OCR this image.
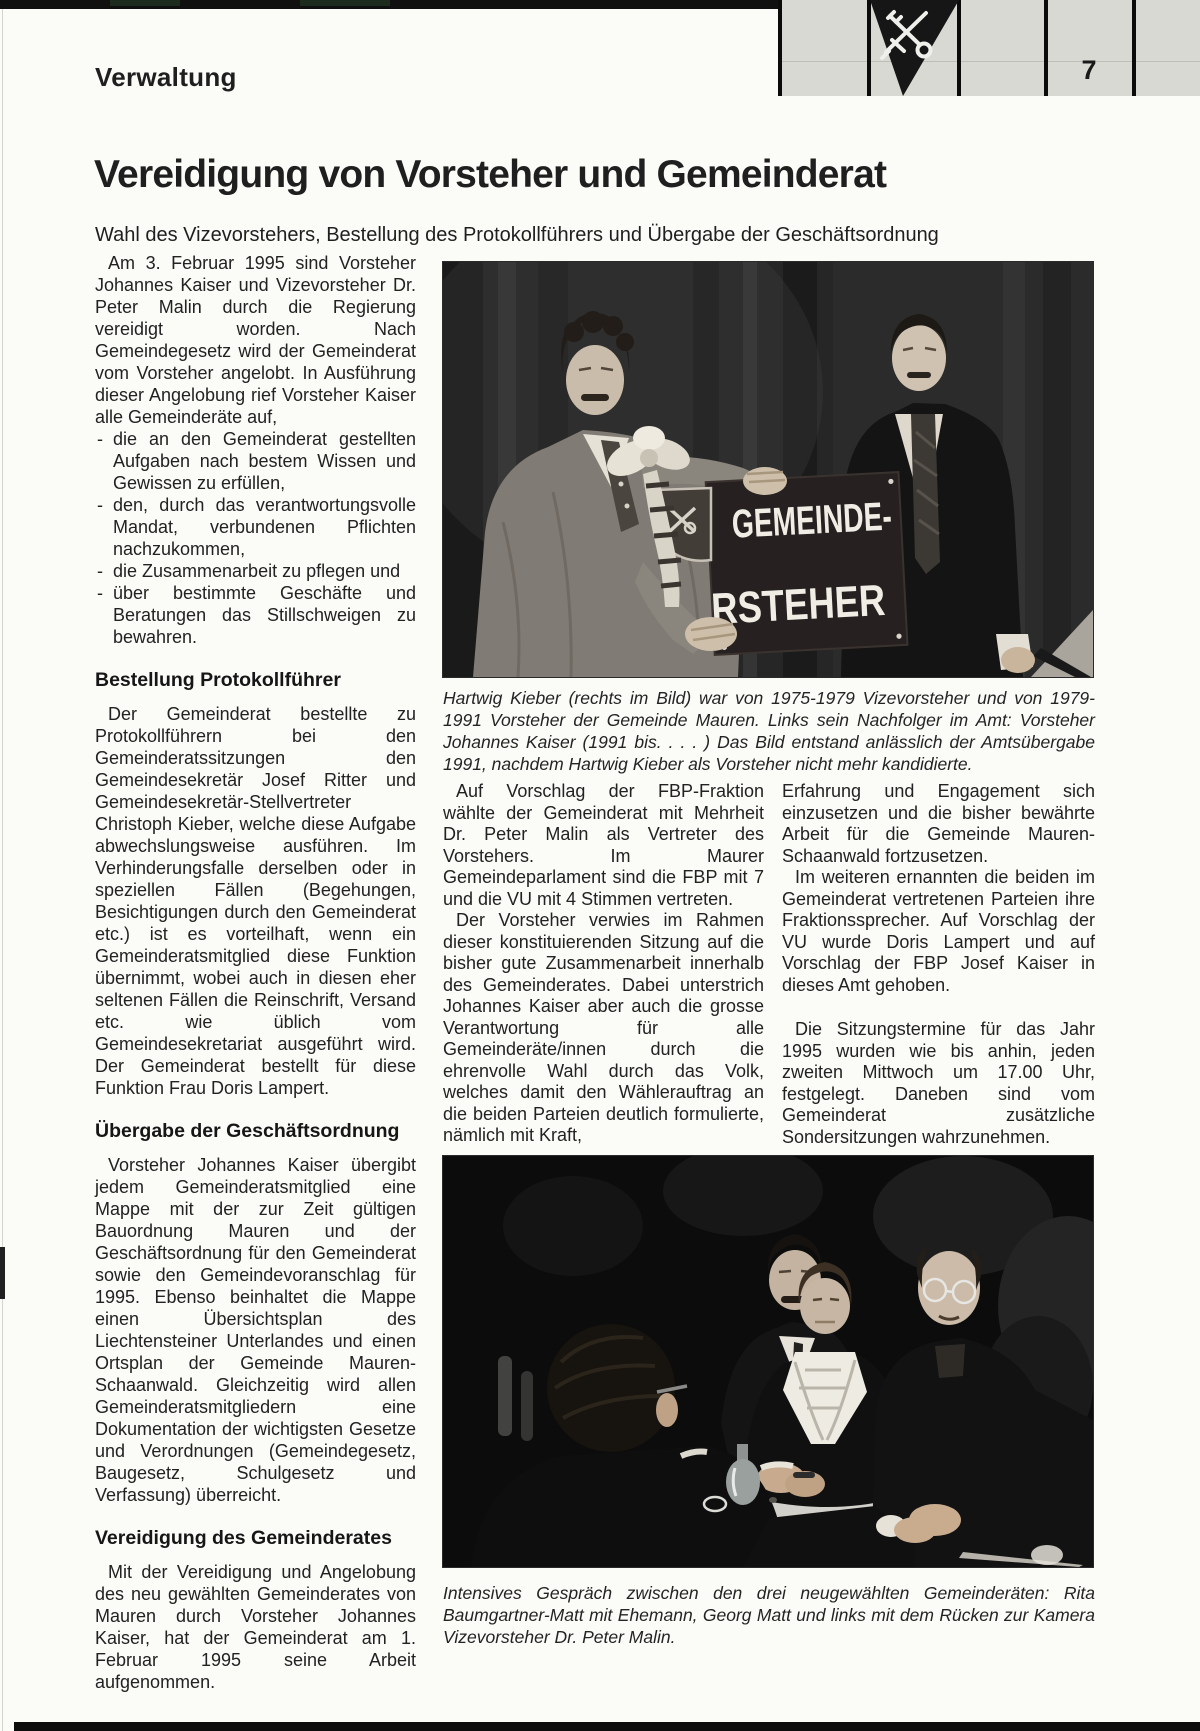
7
Verwaltung
Vereidigung von Vorsteher und Gemeinderat
Wahl des Vizevorstehers, Bestellung des Protokollführers und Übergabe der Geschäftsordnung

Am 3. Februar 1995 sind Vorsteher Johannes Kaiser und Vizevorsteher Dr. Peter Malin durch die Regierung vereidigt worden. Nach Gemeindegesetz wird der Gemeinderat vom Vorsteher angelobt. In Ausführung dieser Angelobung rief Vorsteher Kaiser alle Gemeinderäte auf,

- die an den Gemeinderat gestellten Aufgaben nach bestem Wissen und Gewissen zu erfüllen,
- den, durch das verantwortungsvolle Mandat, verbundenen Pflichten nachzukommen,
- die Zusammenarbeit zu pflegen und
- über bestimmte Geschäfte und Beratungen das Stillschweigen zu bewahren.
Bestellung Protokollführer

Der Gemeinderat bestellte zu Protokollführern bei den Gemeinderatssitzungen den Gemeindesekretär Josef Ritter und Gemeindesekretär-Stellvertreter Christoph Kieber, welche diese Aufgabe abwechslungsweise ausführen. Im Verhinderungsfalle derselben oder in speziellen Fällen (Begehungen, Besichtigungen durch den Gemeinderat etc.) ist es vorteilhaft, wenn ein Gemeinderatsmitglied diese Funktion übernimmt, wobei auch in diesen eher seltenen Fällen die Reinschrift, Versand etc. wie üblich vom Gemeindesekretariat ausgeführt wird. Der Gemeinderat bestellt für diese Funktion Frau Doris Lampert.

Übergabe der Geschäftsordnung

Vorsteher Johannes Kaiser übergibt jedem Gemeinderatsmitglied eine Mappe mit der zur Zeit gültigen Bauordnung Mauren und der Geschäftsordnung für den Gemeinderat sowie den Gemeindevoranschlag für 1995. Ebenso beinhaltet die Mappe einen Übersichtsplan des Liechtensteiner Unterlandes und einen Ortsplan der Gemeinde Mauren-Schaanwald. Gleichzeitig wird allen Gemeinderatsmitgliedern eine Dokumentation der wichtigsten Gesetze und Verordnungen (Gemeindegesetz, Baugesetz, Schulgesetz und Verfassung) überreicht.

Vereidigung des Gemeinderates

Mit der Vereidigung und Angelobung des neu gewählten Gemeinderates von Mauren durch Vorsteher Johannes Kaiser, hat der Gemeinderat am 1. Februar 1995 seine Arbeit aufgenommen.

Auf Vorschlag der FBP-Fraktion wählte der Gemeinderat mit Mehrheit Dr. Peter Malin als Vertreter des Vorstehers. Im Maurer Gemeindeparlament sind die FBP mit 7 und die VU mit 4 Stimmen vertreten.

Der Vorsteher verwies im Rahmen dieser konstituierenden Sitzung auf die bisher gute Zusammenarbeit innerhalb des Gemeinderates. Dabei unterstrich Johannes Kaiser aber auch die grosse Verantwortung für alle Gemeinderäte/innen durch die ehrenvolle Wahl durch das Volk, welches damit den Wählerauftrag an die beiden Parteien deutlich formulierte, nämlich mit Kraft,

Erfahrung und Engagement sich einzusetzen und die bisher bewährte Arbeit für die Gemeinde Mauren-Schaanwald fortzusetzen.

Im weiteren ernannten die beiden im Gemeinderat vertretenen Parteien ihre Fraktionssprecher. Auf Vorschlag der VU wurde Doris Lampert und auf Vorschlag der FBP Josef Kaiser in dieses Amt gehoben.

Die Sitzungstermine für das Jahr 1995 wurden wie bis anhin, jeden zweiten Mittwoch um 17.00 Uhr, festgelegt. Daneben sind vom Gemeinderat zusätzliche Sondersitzungen wahrzunehmen.

GEMEINDE-
RSTEHER
Hartwig Kieber (rechts im Bild) war von 1975-1979 Vizevorsteher und von 1979-1991 Vorsteher der Gemeinde Mauren. Links sein Nachfolger im Amt: Vorsteher Johannes Kaiser (1991 bis. . . . ) Das Bild entstand anlässlich der Amtsübergabe 1991, nachdem Hartwig Kieber als Vorsteher nicht mehr kandidierte.
Intensives Gespräch zwischen den drei neugewählten Gemeinderäten: Rita Baumgartner-Matt mit Ehemann, Georg Matt und links mit dem Rücken zur Kamera Vizevorsteher Dr. Peter Malin.
